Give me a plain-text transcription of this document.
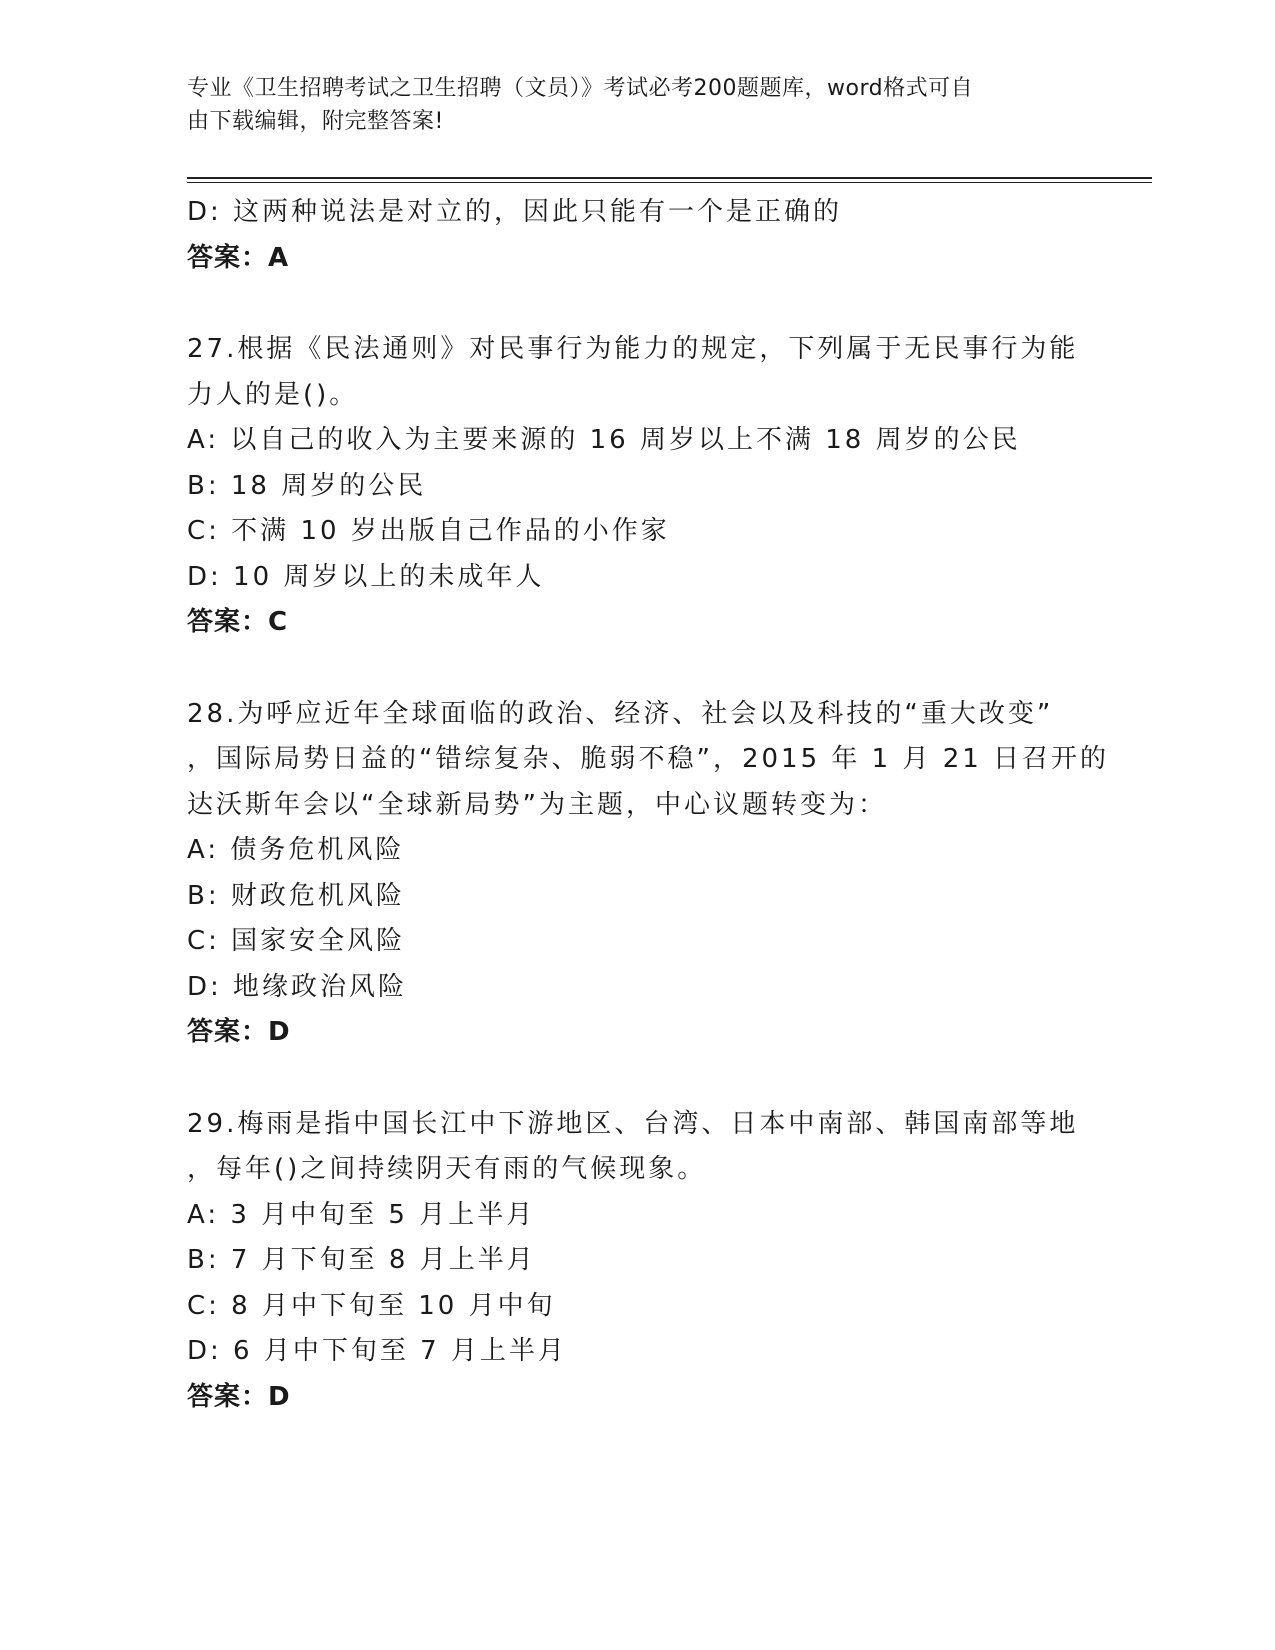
专业《卫生招聘考试之卫生招聘（文员）》考试必考200题题库，word格式可自
由下载编辑，附完整答案!
D: 这两种说法是对立的，因此只能有一个是正确的
答案：A
27.根据《民法通则》对民事行为能力的规定，下列属于无民事行为能
力人的是()。
A: 以自己的收入为主要来源的 16 周岁以上不满 18 周岁的公民
B: 18 周岁的公民
C: 不满 10 岁出版自己作品的小作家
D: 10 周岁以上的未成年人
答案：C
28.为呼应近年全球面临的政治、经济、社会以及科技的“重大改变”
，国际局势日益的“错综复杂、脆弱不稳”，2015 年 1 月 21 日召开的
达沃斯年会以“全球新局势”为主题，中心议题转变为：
A: 债务危机风险
B: 财政危机风险
C: 国家安全风险
D: 地缘政治风险
答案：D
29.梅雨是指中国长江中下游地区、台湾、日本中南部、韩国南部等地
，每年()之间持续阴天有雨的气候现象。
A: 3 月中旬至 5 月上半月
B: 7 月下旬至 8 月上半月
C: 8 月中下旬至 10 月中旬
D: 6 月中下旬至 7 月上半月
答案：D
